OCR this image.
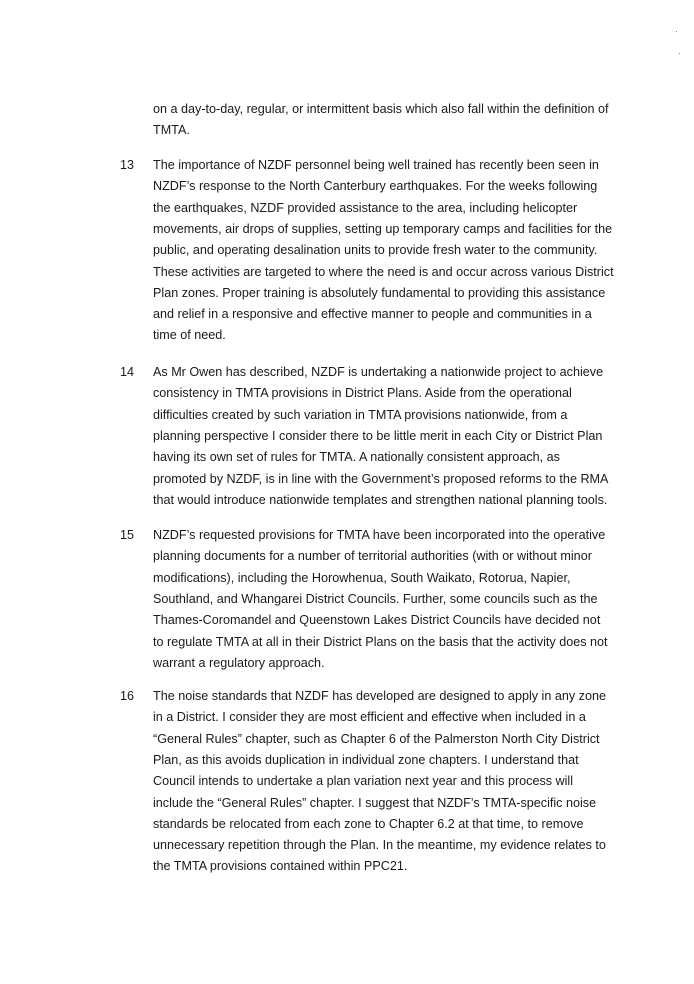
on a day-to-day, regular, or intermittent basis which also fall within the definition of
TMTA.
13 The importance of NZDF personnel being well trained has recently been seen in
NZDF’s response to the North Canterbury earthquakes. For the weeks following
the earthquakes, NZDF provided assistance to the area, including helicopter
movements, air drops of supplies, setting up temporary camps and facilities for the
public, and operating desalination units to provide fresh water to the community.
These activities are targeted to where the need is and occur across various District
Plan zones. Proper training is absolutely fundamental to providing this assistance
and relief in a responsive and effective manner to people and communities in a
time of need.
14 As Mr Owen has described, NZDF is undertaking a nationwide project to achieve
consistency in TMTA provisions in District Plans. Aside from the operational
difficulties created by such variation in TMTA provisions nationwide, from a
planning perspective I consider there to be little merit in each City or District Plan
having its own set of rules for TMTA. A nationally consistent approach, as
promoted by NZDF, is in line with the Government’s proposed reforms to the RMA
that would introduce nationwide templates and strengthen national planning tools.
15 NZDF’s requested provisions for TMTA have been incorporated into the operative
planning documents for a number of territorial authorities (with or without minor
modifications), including the Horowhenua, South Waikato, Rotorua, Napier,
Southland, and Whangarei District Councils. Further, some councils such as the
Thames-Coromandel and Queenstown Lakes District Councils have decided not
to regulate TMTA at all in their District Plans on the basis that the activity does not
warrant a regulatory approach.
16 The noise standards that NZDF has developed are designed to apply in any zone
in a District. I consider they are most efficient and effective when included in a
“General Rules” chapter, such as Chapter 6 of the Palmerston North City District
Plan, as this avoids duplication in individual zone chapters. I understand that
Council intends to undertake a plan variation next year and this process will
include the “General Rules” chapter. I suggest that NZDF’s TMTA-specific noise
standards be relocated from each zone to Chapter 6.2 at that time, to remove
unnecessary repetition through the Plan. In the meantime, my evidence relates to
the TMTA provisions contained within PPC21.
